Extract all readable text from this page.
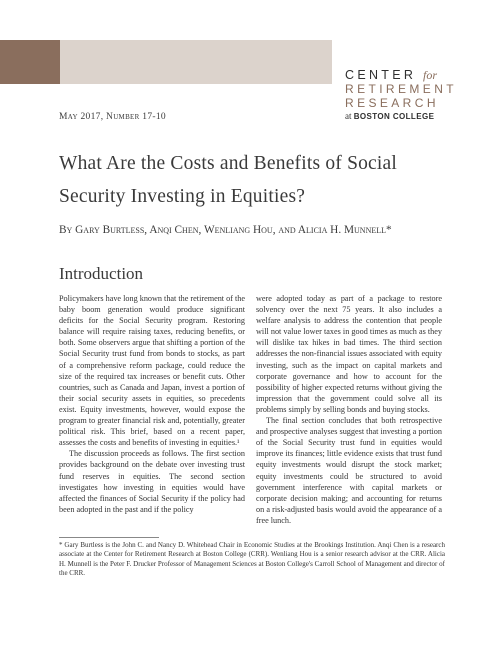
CENTER for
RETIREMENT
RESEARCH
at BOSTON COLLEGE
May 2017, Number 17-10
What Are the Costs and Benefits of Social Security Investing in Equities?
By Gary Burtless, Anqi Chen, Wenliang Hou, and Alicia H. Munnell*
Introduction

Policymakers have long known that the retirement of the baby boom generation would produce significant deficits for the Social Security program. Restoring balance will require raising taxes, reducing benefits, or both. Some observers argue that shifting a portion of the Social Security trust fund from bonds to stocks, as part of a comprehensive reform package, could reduce the size of the required tax increases or benefit cuts. Other countries, such as Canada and Japan, invest a portion of their social security assets in equities, so precedents exist. Equity investments, however, would expose the program to greater financial risk and, potentially, greater political risk. This brief, based on a recent paper, assesses the costs and benefits of investing in equities.¹

The discussion proceeds as follows. The first section provides background on the debate over investing trust fund reserves in equities. The second section investigates how investing in equities would have affected the finances of Social Security if the policy had been adopted in the past and if the policy

were adopted today as part of a package to restore solvency over the next 75 years. It also includes a welfare analysis to address the contention that people will not value lower taxes in good times as much as they will dislike tax hikes in bad times. The third section addresses the non-financial issues associated with equity investing, such as the impact on capital markets and corporate governance and how to account for the possibility of higher expected returns without giving the impression that the government could solve all its problems simply by selling bonds and buying stocks.

The final section concludes that both retrospective and prospective analyses suggest that investing a portion of the Social Security trust fund in equities would improve its finances; little evidence exists that trust fund equity investments would disrupt the stock market; equity investments could be structured to avoid government interference with capital markets or corporate decision making; and accounting for returns on a risk-adjusted basis would avoid the appearance of a free lunch.

* Gary Burtless is the John C. and Nancy D. Whitehead Chair in Economic Studies at the Brookings Institution. Anqi Chen is a research associate at the Center for Retirement Research at Boston College (CRR). Wenliang Hou is a senior research advisor at the CRR. Alicia H. Munnell is the Peter F. Drucker Professor of Management Sciences at Boston College's Carroll School of Management and director of the CRR.
